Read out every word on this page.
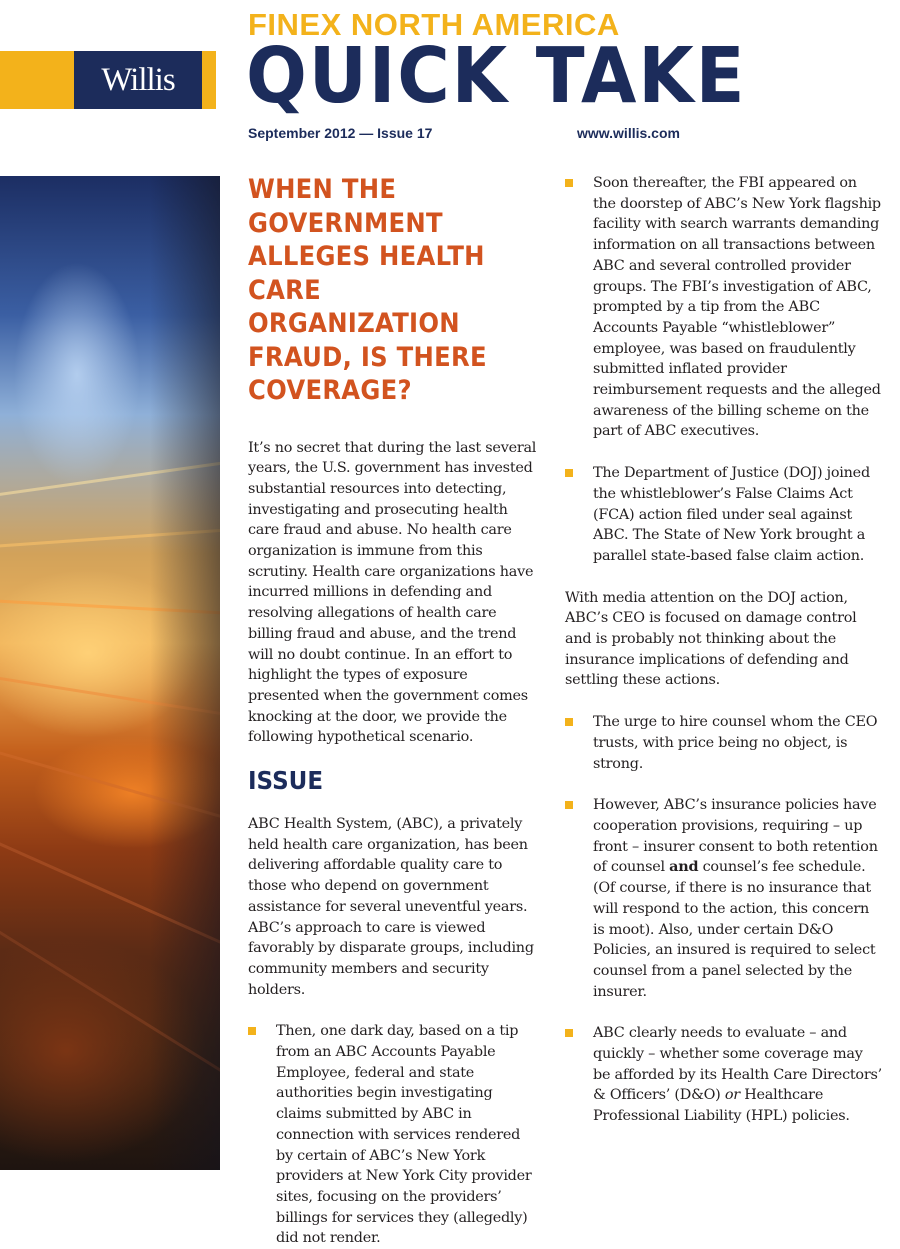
Willis
FINEX NORTH AMERICA
QUICK TAKE
September 2012 — Issue 17	www.willis.com
WHEN THE GOVERNMENT ALLEGES HEALTH CARE ORGANIZATION FRAUD, IS THERE COVERAGE?

It’s no secret that during the last several years, the U.S. government has invested substantial resources into detecting, investigating and prosecuting health care fraud and abuse. No health care organization is immune from this scrutiny. Health care organizations have incurred millions in defending and resolving allegations of health care billing fraud and abuse, and the trend will no doubt continue. In an effort to highlight the types of exposure presented when the government comes knocking at the door, we provide the following hypothetical scenario.

ISSUE

ABC Health System, (ABC), a privately held health care organization, has been delivering affordable quality care to those who depend on government assistance for several uneventful years. ABC’s approach to care is viewed favorably by disparate groups, including community members and security holders.

Then, one dark day, based on a tip from an ABC Accounts Payable Employee, federal and state authorities begin investigating claims submitted by ABC in connection with services rendered by certain of ABC’s New York providers at New York City provider sites, focusing on the providers’ billings for services they (allegedly) did not render.

Soon thereafter, the FBI appeared on the doorstep of ABC’s New York flagship facility with search warrants demanding information on all transactions between ABC and several controlled provider groups. The FBI’s investigation of ABC, prompted by a tip from the ABC Accounts Payable “whistleblower” employee, was based on fraudulently submitted inflated provider reimbursement requests and the alleged awareness of the billing scheme on the part of ABC executives.

The Department of Justice (DOJ) joined the whistleblower’s False Claims Act (FCA) action filed under seal against ABC. The State of New York brought a parallel state-based false claim action.

With media attention on the DOJ action, ABC’s CEO is focused on damage control and is probably not thinking about the insurance implications of defending and settling these actions.

The urge to hire counsel whom the CEO trusts, with price being no object, is strong.

However, ABC’s insurance policies have cooperation provisions, requiring – up front – insurer consent to both retention of counsel and counsel’s fee schedule. (Of course, if there is no insurance that will respond to the action, this concern is moot). Also, under certain D&O Policies, an insured is required to select counsel from a panel selected by the insurer.

ABC clearly needs to evaluate – and quickly – whether some coverage may be afforded by its Health Care Directors’ & Officers’ (D&O) or Healthcare Professional Liability (HPL) policies.
